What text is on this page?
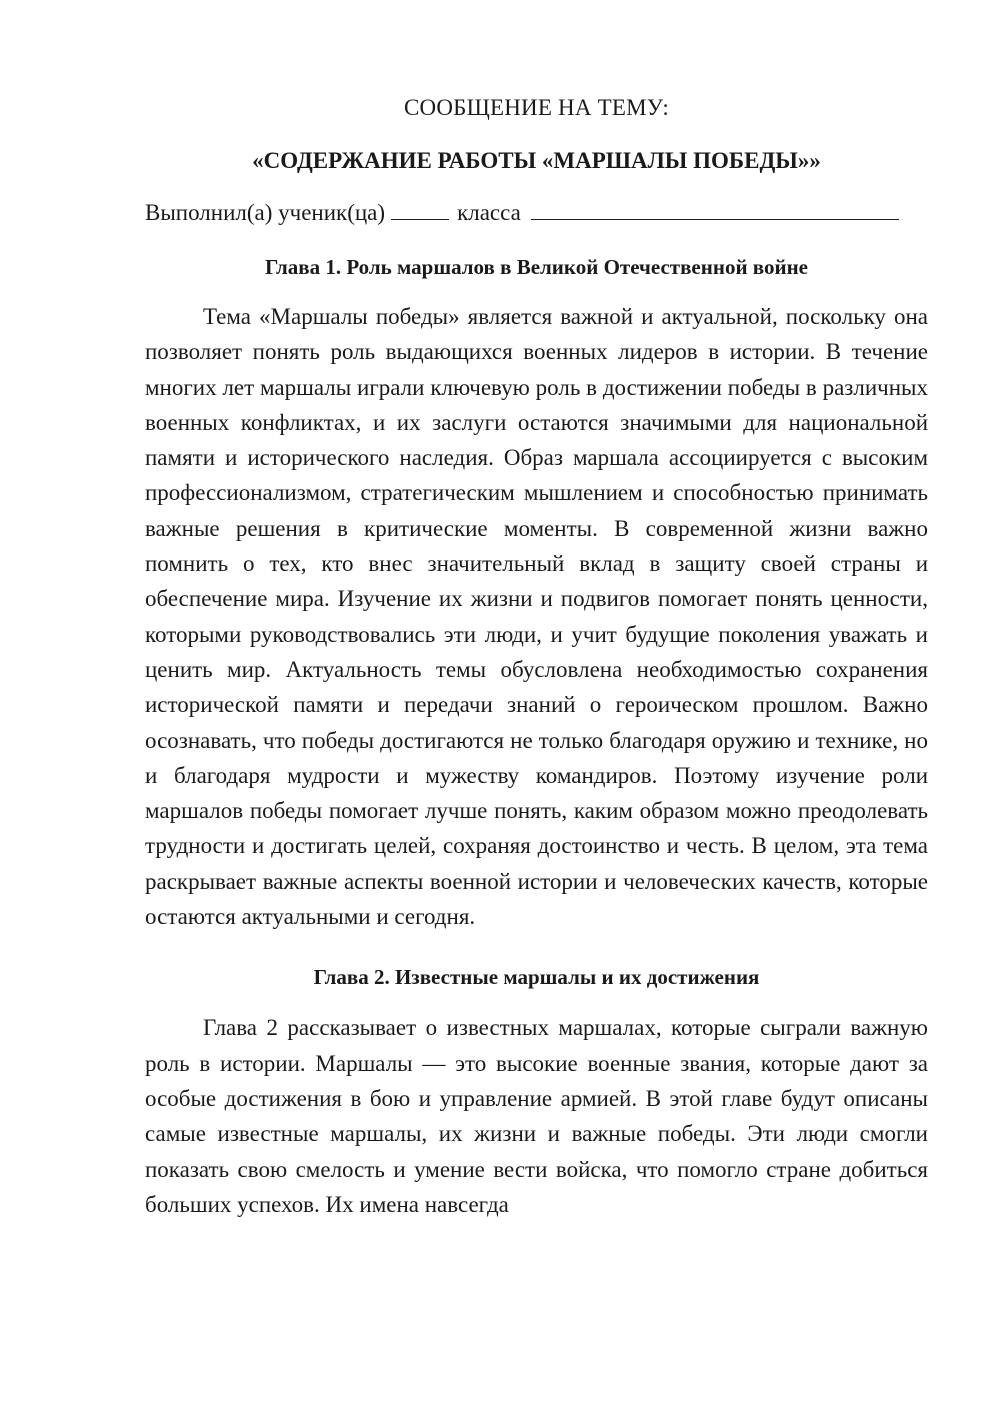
СООБЩЕНИЕ НА ТЕМУ:

«СОДЕРЖАНИЕ РАБОТЫ «МАРШАЛЫ ПОБЕДЫ»»

Выполнил(а) ученик(ца)	класса
Глава 1. Роль маршалов в Великой Отечественной войне

Тема «Маршалы победы» является важной и актуальной, поскольку она позволяет понять роль выдающихся военных лидеров в истории. В течение многих лет маршалы играли ключевую роль в достижении победы в различных военных конфликтах, и их заслуги остаются значимыми для национальной памяти и исторического наследия. Образ маршала ассоциируется с высоким профессионализмом, стратегическим мышлением и способностью принимать важные решения в критические моменты. В современной жизни важно помнить о тех, кто внес значительный вклад в защиту своей страны и обеспечение мира. Изучение их жизни и подвигов помогает понять ценности, которыми руководствовались эти люди, и учит будущие поколения уважать и ценить мир. Актуальность темы обусловлена необходимостью сохранения исторической памяти и передачи знаний о героическом прошлом. Важно осознавать, что победы достигаются не только благодаря оружию и технике, но и благодаря мудрости и мужеству командиров. Поэтому изучение роли маршалов победы помогает лучше понять, каким образом можно преодолевать трудности и достигать целей, сохраняя достоинство и честь. В целом, эта тема раскрывает важные аспекты военной истории и человеческих качеств, которые остаются актуальными и сегодня.

Глава 2. Известные маршалы и их достижения

Глава 2 рассказывает о известных маршалах, которые сыграли важную роль в истории. Маршалы — это высокие военные звания, которые дают за особые достижения в бою и управление армией. В этой главе будут описаны самые известные маршалы, их жизни и важные победы. Эти люди смогли показать свою смелость и умение вести войска, что помогло стране добиться больших успехов. Их имена навсегда
